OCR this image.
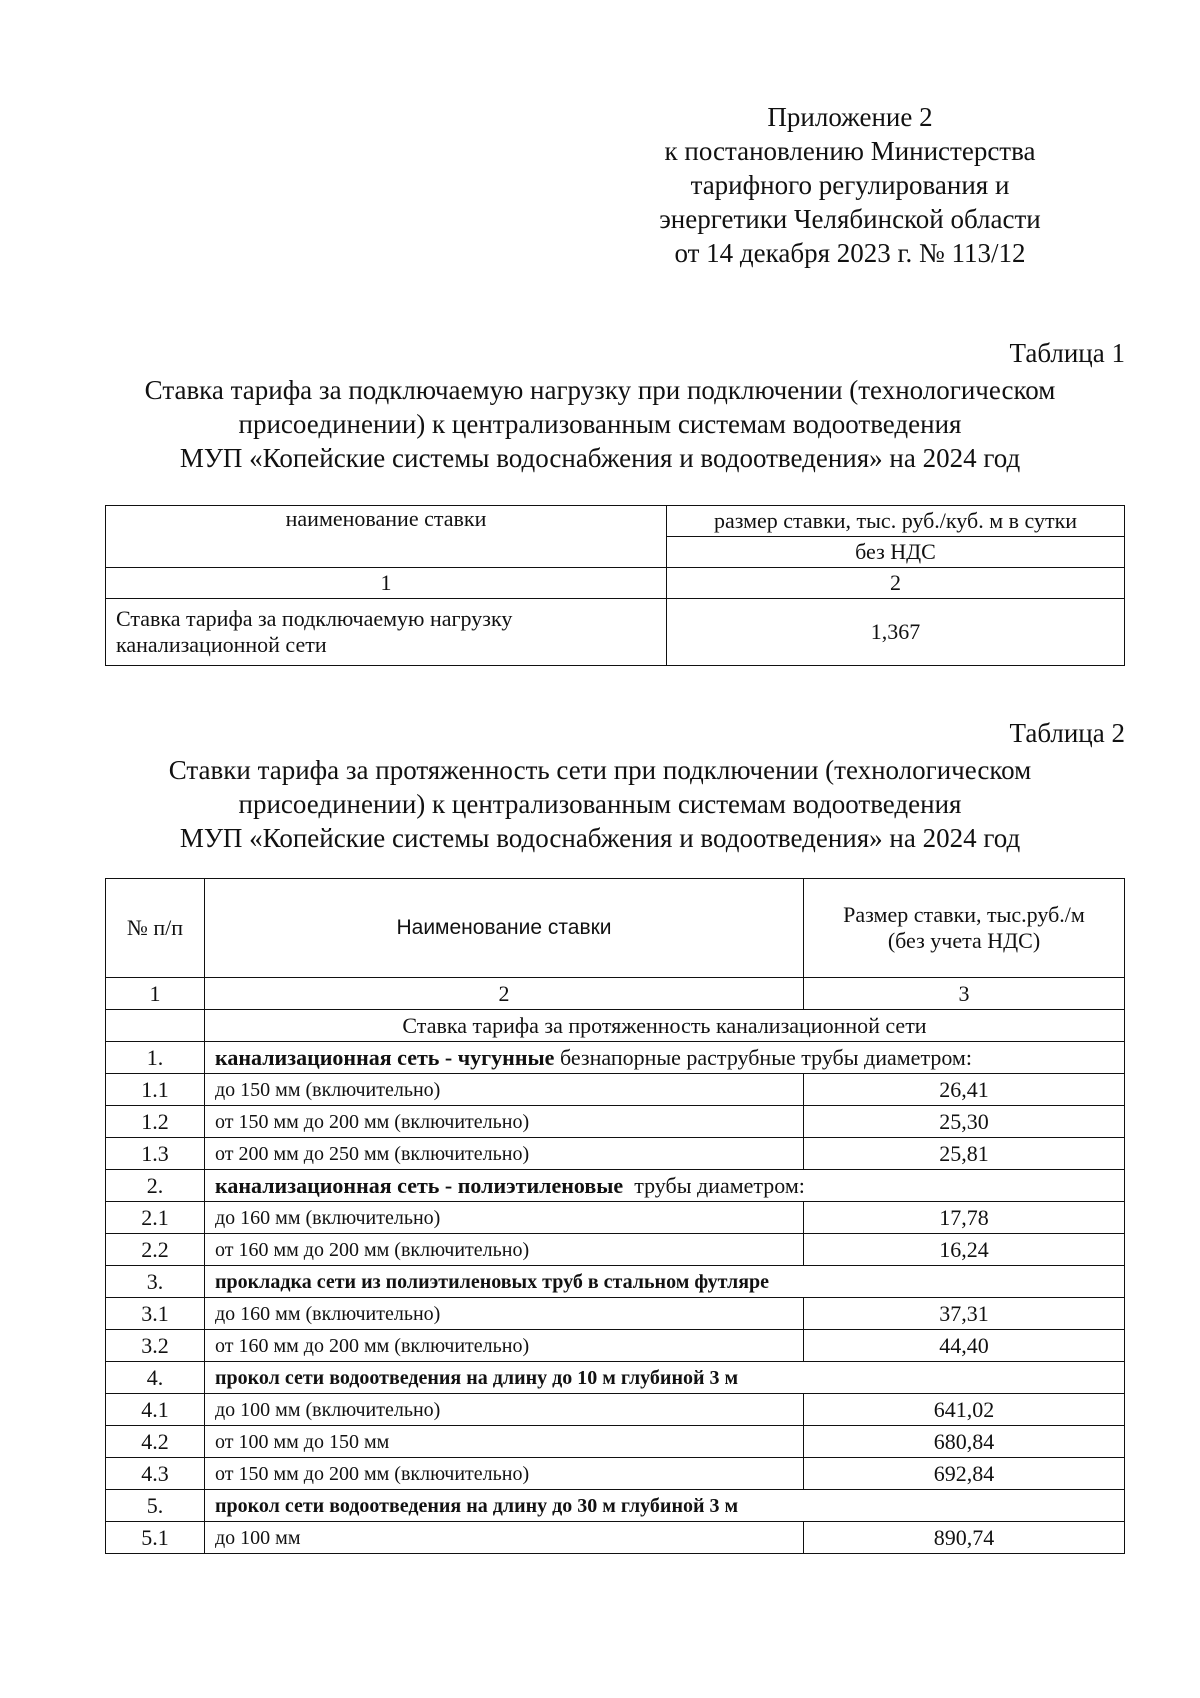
Приложение 2
к постановлению Министерства
тарифного регулирования и
энергетики Челябинской области
от 14 декабря 2023 г. № 113/12
Таблица 1
Ставка тарифа за подключаемую нагрузку при подключении (технологическом
присоединении) к централизованным системам водоотведения
МУП «Копейские системы водоснабжения и водоотведения» на 2024 год
наименование ставки	размер ставки, тыс. руб./куб. м в сутки
	без НДС
1	2

Ставка тарифа за подключаемую нагрузку
канализационной сети	1,367
Таблица 2
Ставки тарифа за протяженность сети при подключении (технологическом
присоединении) к централизованным системам водоотведения
МУП «Копейские системы водоснабжения и водоотведения» на 2024 год
№ п/п	Наименование ставки	Размер ставки, тыс.руб./м
(без учета НДС)

1	2	3
	Ставка тарифа за протяженность канализационной сети	
1.	канализационная сеть - чугунные безнапорные раструбные трубы диаметром:	
1.1	до 150 мм (включительно)	26,41
1.2	от 150 мм до 200 мм (включительно)	25,30
1.3	от 200 мм до 250 мм (включительно)	25,81
2.	канализационная сеть - полиэтиленовые  трубы диаметром:	
2.1	до 160 мм (включительно)	17,78
2.2	от 160 мм до 200 мм (включительно)	16,24
3.	прокладка сети из полиэтиленовых труб в стальном футляре	
3.1	до 160 мм (включительно)	37,31
3.2	от 160 мм до 200 мм (включительно)	44,40
4.	прокол сети водоотведения на длину до 10 м глубиной 3 м	
4.1	до 100 мм (включительно)	641,02
4.2	от 100 мм до 150 мм	680,84
4.3	от 150 мм до 200 мм (включительно)	692,84
5.	прокол сети водоотведения на длину до 30 м глубиной 3 м	
5.1	до 100 мм	890,74
